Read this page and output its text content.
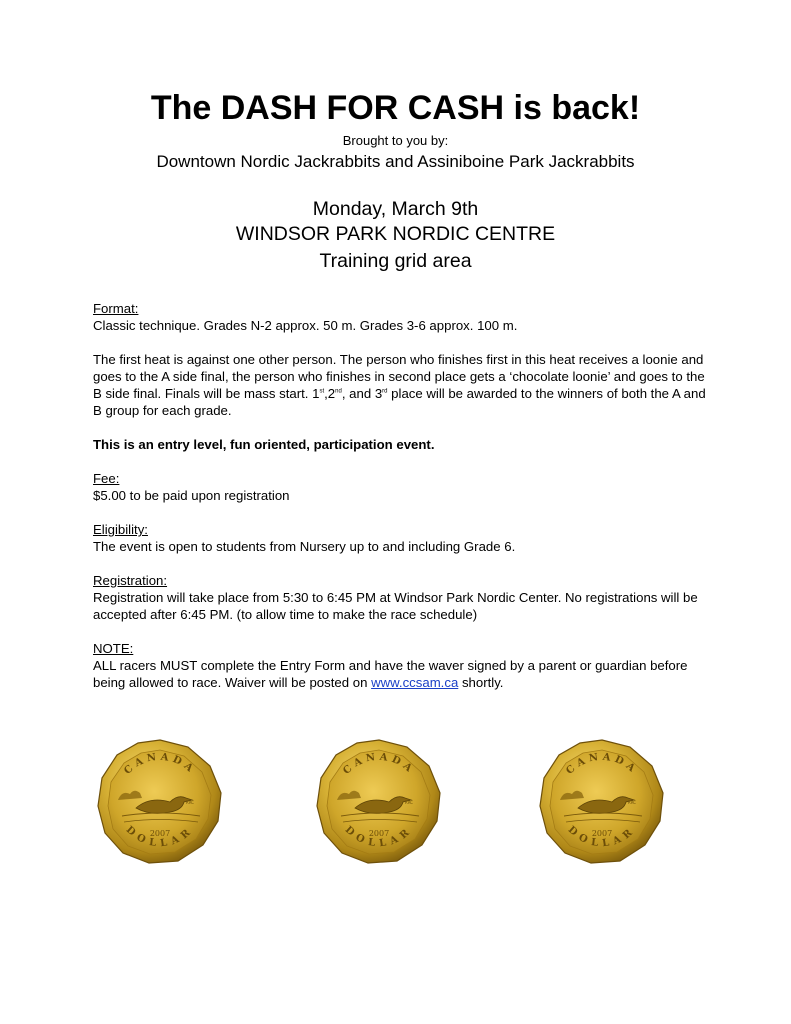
The DASH FOR CASH is back!
Brought to you by:
Downtown Nordic Jackrabbits and Assiniboine Park Jackrabbits
Monday, March 9th
WINDSOR PARK NORDIC CENTRE
Training grid area

Format:

Classic technique. Grades N-2 approx. 50 m. Grades 3-6 approx. 100 m.

The first heat is against one other person. The person who finishes first in this heat receives a loonie and goes to the A side final, the person who finishes in second place gets a ‘chocolate loonie’ and goes to the B side final. Finals will be mass start. 1st,2nd, and 3rd place will be awarded to the winners of both the A and B group for each grade.

This is an entry level, fun oriented, participation event.

Fee:

$5.00 to be paid upon registration

Eligibility:

The event is open to students from Nursery up to and including Grade 6.

Registration:

Registration will take place from 5:30 to 6:45 PM at Windsor Park Nordic Center. No registrations will be accepted after 6:45 PM. (to allow time to make the race schedule)

NOTE:

ALL racers MUST complete the Entry Form and have the waver signed by a parent or guardian before being allowed to race. Waiver will be posted on www.ccsam.ca shortly.

CANADA
DOLLAR
2007
RRC
CANADA
DOLLAR
2007
RRC
CANADA
DOLLAR
2007
RRC
